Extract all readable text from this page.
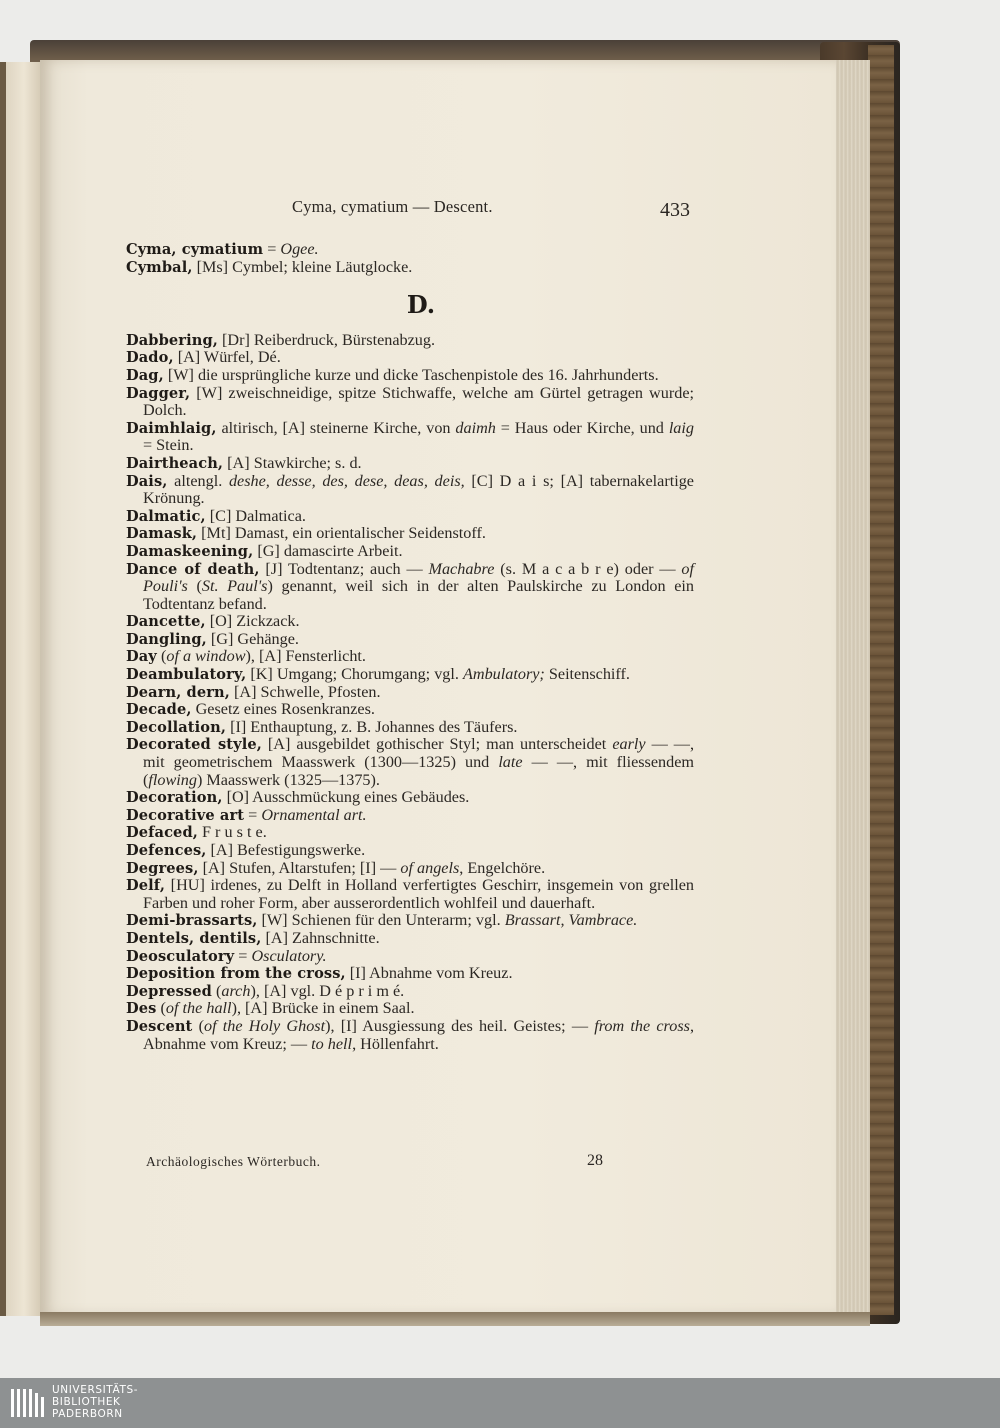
Cyma, cymatium — Descent.	433
Cyma, cymatium = Ogee.
Cymbal, [Ms] Cymbel; kleine Läutglocke.
D.
Dabbering, [Dr] Reiberdruck, Bürstenabzug.
Dado, [A] Würfel, Dé.
Dag, [W] die ursprüngliche kurze und dicke Taschenpistole des 16. Jahrhunderts.
Dagger, [W] zweischneidige, spitze Stichwaffe, welche am Gürtel getragen wurde; Dolch.
Daimhlaig, altirisch, [A] steinerne Kirche, von daimh = Haus oder Kirche, und laig = Stein.
Dairtheach, [A] Stawkirche; s. d.
Dais, altengl. deshe, desse, des, dese, deas, deis, [C] D a i s; [A] tabernakelartige Krönung.
Dalmatic, [C] Dalmatica.
Damask, [Mt] Damast, ein orientalischer Seidenstoff.
Damaskeening, [G] damascirte Arbeit.
Dance of death, [J] Todtentanz; auch — Machabre (s. M a c a b r e) oder — of Pouli's (St. Paul's) genannt, weil sich in der alten Paulskirche zu London ein Todtentanz befand.
Dancette, [O] Zickzack.
Dangling, [G] Gehänge.
Day (of a window), [A] Fensterlicht.
Deambulatory, [K] Umgang; Chorumgang; vgl. Ambulatory; Seitenschiff.
Dearn, dern, [A] Schwelle, Pfosten.
Decade, Gesetz eines Rosenkranzes.
Decollation, [I] Enthauptung, z. B. Johannes des Täufers.
Decorated style, [A] ausgebildet gothischer Styl; man unterscheidet early — —, mit geometrischem Maasswerk (1300—1325) und late — —, mit fliessendem (flowing) Maasswerk (1325—1375).
Decoration, [O] Ausschmückung eines Gebäudes.
Decorative art = Ornamental art.
Defaced, F r u s t e.
Defences, [A] Befestigungswerke.
Degrees, [A] Stufen, Altarstufen; [I] — of angels, Engelchöre.
Delf, [HU] irdenes, zu Delft in Holland verfertigtes Geschirr, insgemein von grellen Farben und roher Form, aber ausserordentlich wohlfeil und dauerhaft.
Demi-brassarts, [W] Schienen für den Unterarm; vgl. Brassart, Vambrace.
Dentels, dentils, [A] Zahnschnitte.
Deosculatory = Osculatory.
Deposition from the cross, [I] Abnahme vom Kreuz.
Depressed (arch), [A] vgl. D é p r i m é.
Des (of the hall), [A] Brücke in einem Saal.
Descent (of the Holy Ghost), [I] Ausgiessung des heil. Geistes; — from the cross, Abnahme vom Kreuz; — to hell, Höllenfahrt.
Archäologisches Wörterbuch.	28
UNIVERSITÄTS-
BIBLIOTHEK
PADERBORN
